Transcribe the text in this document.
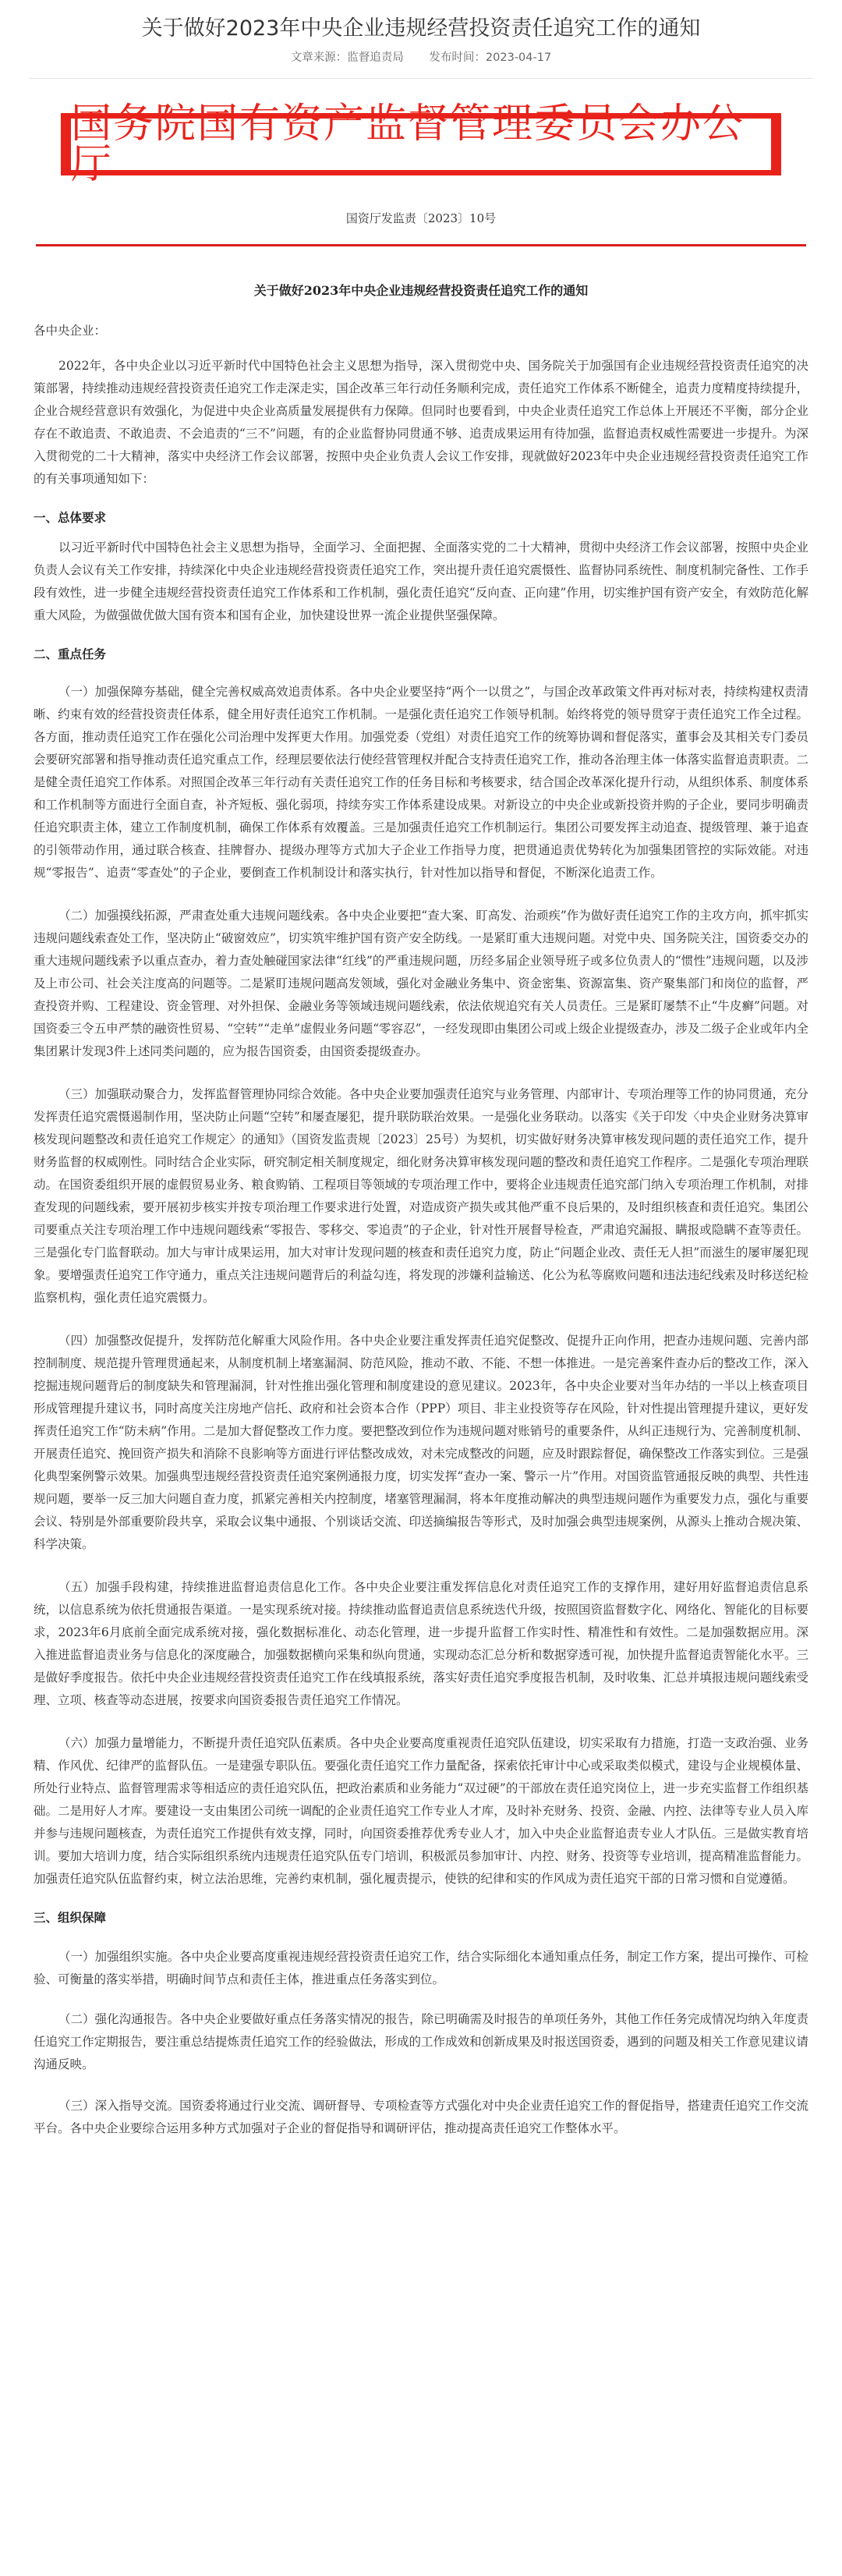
关于做好2023年中央企业违规经营投资责任追究工作的通知
文章来源：监督追责局 发布时间：2023-04-17
国务院国有资产监督管理委员会办公厅
国资厅发监责〔2023〕10号
关于做好2023年中央企业违规经营投资责任追究工作的通知

各中央企业：

2022年，各中央企业以习近平新时代中国特色社会主义思想为指导，深入贯彻党中央、国务院关于加强国有企业违规经营投资责任追究的决策部署，持续推动违规经营投资责任追究工作走深走实，国企改革三年行动任务顺利完成，责任追究工作体系不断健全，追责力度精度持续提升，企业合规经营意识有效强化，为促进中央企业高质量发展提供有力保障。但同时也要看到，中央企业责任追究工作总体上开展还不平衡，部分企业存在不敢追责、不敢追责、不会追责的“三不”问题，有的企业监督协同贯通不够、追责成果运用有待加强，监督追责权威性需要进一步提升。为深入贯彻党的二十大精神，落实中央经济工作会议部署，按照中央企业负责人会议工作安排，现就做好2023年中央企业违规经营投资责任追究工作的有关事项通知如下：

一、总体要求

以习近平新时代中国特色社会主义思想为指导，全面学习、全面把握、全面落实党的二十大精神，贯彻中央经济工作会议部署，按照中央企业负责人会议有关工作安排，持续深化中央企业违规经营投资责任追究工作，突出提升责任追究震慑性、监督协同系统性、制度机制完备性、工作手段有效性，进一步健全违规经营投资责任追究工作体系和工作机制，强化责任追究“反向查、正向建”作用，切实维护国有资产安全，有效防范化解重大风险，为做强做优做大国有资本和国有企业，加快建设世界一流企业提供坚强保障。

二、重点任务

（一）加强保障夯基础，健全完善权威高效追责体系。各中央企业要坚持“两个一以贯之”，与国企改革政策文件再对标对表，持续构建权责清晰、约束有效的经营投资责任体系，健全用好责任追究工作机制。一是强化责任追究工作领导机制。始终将党的领导贯穿于责任追究工作全过程。各方面，推动责任追究工作在强化公司治理中发挥更大作用。加强党委（党组）对责任追究工作的统筹协调和督促落实，董事会及其相关专门委员会要研究部署和指导推动责任追究重点工作，经理层要依法行使经营管理权并配合支持责任追究工作，推动各治理主体一体落实监督追责职责。二是健全责任追究工作体系。对照国企改革三年行动有关责任追究工作的任务目标和考核要求，结合国企改革深化提升行动，从组织体系、制度体系和工作机制等方面进行全面自查，补齐短板、强化弱项，持续夯实工作体系建设成果。对新设立的中央企业或新投资并购的子企业，要同步明确责任追究职责主体，建立工作制度机制，确保工作体系有效覆盖。三是加强责任追究工作机制运行。集团公司要发挥主动追查、提级管理、兼于追查的引领带动作用，通过联合核查、挂牌督办、提级办理等方式加大子企业工作指导力度，把贯通追责优势转化为加强集团管控的实际效能。对违规“零报告”、追责“零查处”的子企业，要倒查工作机制设计和落实执行，针对性加以指导和督促，不断深化追责工作。

（二）加强摸线拓源，严肃查处重大违规问题线索。各中央企业要把“查大案、盯高发、治顽疾”作为做好责任追究工作的主攻方向，抓牢抓实违规问题线索查处工作，坚决防止“破窗效应”，切实筑牢维护国有资产安全防线。一是紧盯重大违规问题。对党中央、国务院关注，国资委交办的重大违规问题线索予以重点查办，着力查处触碰国家法律“红线”的严重违规问题，历经多届企业领导班子或多位负责人的“惯性”违规问题，以及涉及上市公司、社会关注度高的问题等。二是紧盯违规问题高发领域，强化对金融业务集中、资金密集、资源富集、资产聚集部门和岗位的监督，严查投资并购、工程建设、资金管理、对外担保、金融业务等领域违规问题线索，依法依规追究有关人员责任。三是紧盯屡禁不止“牛皮癣”问题。对国资委三令五申严禁的融资性贸易、“空转”“走单”虚假业务问题“零容忍”，一经发现即由集团公司或上级企业提级查办，涉及二级子企业或年内全集团累计发现3件上述同类问题的，应为报告国资委，由国资委提级查办。

（三）加强联动聚合力，发挥监督管理协同综合效能。各中央企业要加强责任追究与业务管理、内部审计、专项治理等工作的协同贯通，充分发挥责任追究震慑遏制作用，坚决防止问题“空转”和屡查屡犯，提升联防联治效果。一是强化业务联动。以落实《关于印发〈中央企业财务决算审核发现问题整改和责任追究工作规定〉的通知》（国资发监责规〔2023〕25号）为契机，切实做好财务决算审核发现问题的责任追究工作，提升财务监督的权威刚性。同时结合企业实际，研究制定相关制度规定，细化财务决算审核发现问题的整改和责任追究工作程序。二是强化专项治理联动。在国资委组织开展的虚假贸易业务、粮食购销、工程项目等领域的专项治理工作中，要将企业违规责任追究部门纳入专项治理工作机制，对排查发现的问题线索，要开展初步核实并按专项治理工作要求进行处置，对造成资产损失或其他严重不良后果的，及时组织核查和责任追究。集团公司要重点关注专项治理工作中违规问题线索“零报告、零移交、零追责”的子企业，针对性开展督导检查，严肃追究漏报、瞒报或隐瞒不查等责任。三是强化专门监督联动。加大与审计成果运用，加大对审计发现问题的核查和责任追究力度，防止“问题企业改、责任无人担”而滋生的屡审屡犯现象。要增强责任追究工作守通力，重点关注违规问题背后的利益勾连，将发现的涉嫌利益输送、化公为私等腐败问题和违法违纪线索及时移送纪检监察机构，强化责任追究震慑力。

（四）加强整改促提升，发挥防范化解重大风险作用。各中央企业要注重发挥责任追究促整改、促提升正向作用，把查办违规问题、完善内部控制制度、规范提升管理贯通起来，从制度机制上堵塞漏洞、防范风险，推动不敢、不能、不想一体推进。一是完善案件查办后的整改工作，深入挖掘违规问题背后的制度缺失和管理漏洞，针对性推出强化管理和制度建设的意见建议。2023年，各中央企业要对当年办结的一半以上核查项目形成管理提升建议书，同时高度关注房地产信托、政府和社会资本合作（PPP）项目、非主业投资等存在风险，针对性提出管理提升建议，更好发挥责任追究工作“防未病”作用。二是加大督促整改工作力度。要把整改到位作为违规问题对账销号的重要条件，从纠正违规行为、完善制度机制、开展责任追究、挽回资产损失和消除不良影响等方面进行评估整改成效，对未完成整改的问题，应及时跟踪督促，确保整改工作落实到位。三是强化典型案例警示效果。加强典型违规经营投资责任追究案例通报力度，切实发挥“查办一案、警示一片”作用。对国资监管通报反映的典型、共性违规问题，要举一反三加大问题自查力度，抓紧完善相关内控制度，堵塞管理漏洞，将本年度推动解决的典型违规问题作为重要发力点，强化与重要会议、特别是外部重要阶段共享，采取会议集中通报、个别谈话交流、印送摘编报告等形式，及时加强会典型违规案例，从源头上推动合规决策、科学决策。

（五）加强手段构建，持续推进监督追责信息化工作。各中央企业要注重发挥信息化对责任追究工作的支撑作用，建好用好监督追责信息系统，以信息系统为依托贯通报告渠道。一是实现系统对接。持续推动监督追责信息系统迭代升级，按照国资监督数字化、网络化、智能化的目标要求，2023年6月底前全面完成系统对接，强化数据标准化、动态化管理，进一步提升监督工作实时性、精准性和有效性。二是加强数据应用。深入推进监督追责业务与信息化的深度融合，加强数据横向采集和纵向贯通，实现动态汇总分析和数据穿透可视，加快提升监督追责智能化水平。三是做好季度报告。依托中央企业违规经营投资责任追究工作在线填报系统，落实好责任追究季度报告机制，及时收集、汇总并填报违规问题线索受理、立项、核查等动态进展，按要求向国资委报告责任追究工作情况。

（六）加强力量增能力，不断提升责任追究队伍素质。各中央企业要高度重视责任追究队伍建设，切实采取有力措施，打造一支政治强、业务精、作风优、纪律严的监督队伍。一是建强专职队伍。要强化责任追究工作力量配备，探索依托审计中心或采取类似模式，建设与企业规模体量、所处行业特点、监督管理需求等相适应的责任追究队伍，把政治素质和业务能力“双过硬”的干部放在责任追究岗位上，进一步充实监督工作组织基础。二是用好人才库。要建设一支由集团公司统一调配的企业责任追究工作专业人才库，及时补充财务、投资、金融、内控、法律等专业人员入库并参与违规问题核查，为责任追究工作提供有效支撑，同时，向国资委推荐优秀专业人才，加入中央企业监督追责专业人才队伍。三是做实教育培训。要加大培训力度，结合实际组织系统内违规责任追究队伍专门培训，积极派员参加审计、内控、财务、投资等专业培训，提高精准监督能力。加强责任追究队伍监督约束，树立法治思维，完善约束机制，强化履责提示，使铁的纪律和实的作风成为责任追究干部的日常习惯和自觉遵循。

三、组织保障

（一）加强组织实施。各中央企业要高度重视违规经营投资责任追究工作，结合实际细化本通知重点任务，制定工作方案，提出可操作、可检验、可衡量的落实举措，明确时间节点和责任主体，推进重点任务落实到位。

（二）强化沟通报告。各中央企业要做好重点任务落实情况的报告，除已明确需及时报告的单项任务外，其他工作任务完成情况均纳入年度责任追究工作定期报告，要注重总结提炼责任追究工作的经验做法，形成的工作成效和创新成果及时报送国资委，遇到的问题及相关工作意见建议请沟通反映。

（三）深入指导交流。国资委将通过行业交流、调研督导、专项检查等方式强化对中央企业责任追究工作的督促指导，搭建责任追究工作交流平台。各中央企业要综合运用多种方式加强对子企业的督促指导和调研评估，推动提高责任追究工作整体水平。
